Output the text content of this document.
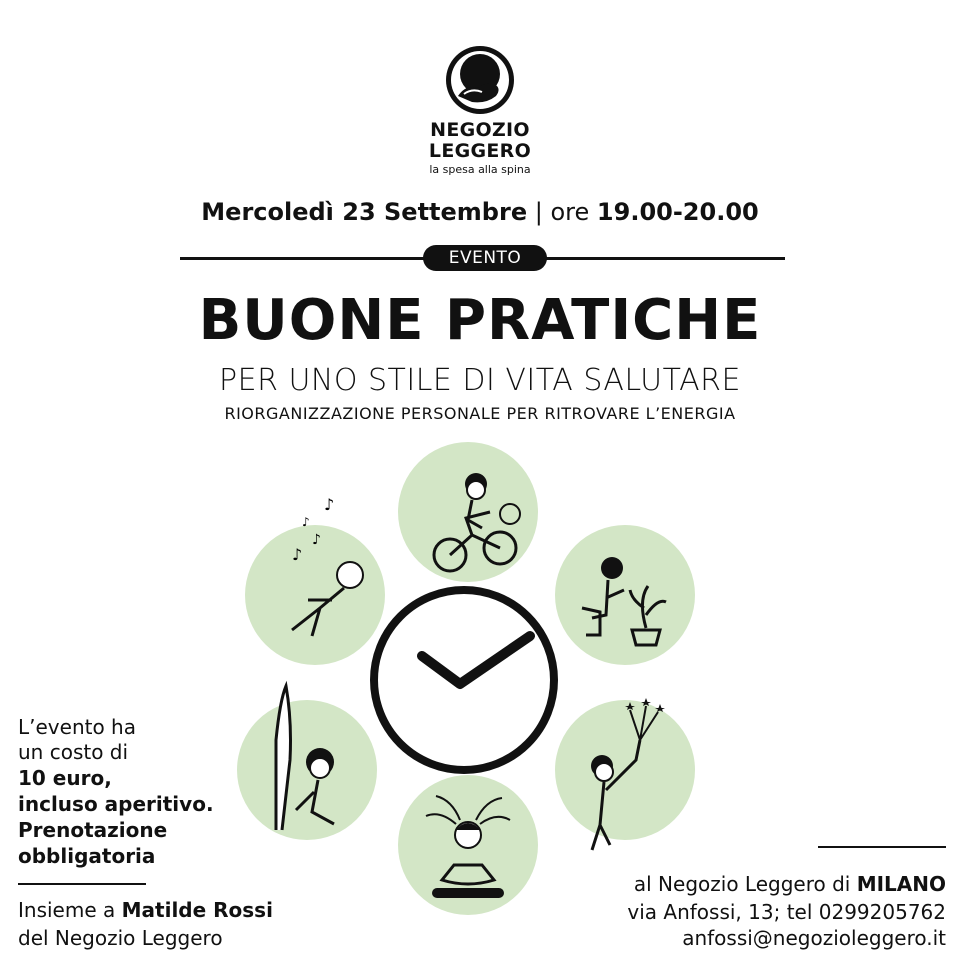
NEGOZIO
LEGGERO
la spesa alla spina
Mercoledì 23 Settembre | ore 19.00-20.00
EVENTO
BUONE PRATICHE
PER UNO STILE DI VITA SALUTARE
RIORGANIZZAZIONE PERSONALE PER RITROVARE L’ENERGIA
♪
♪
♪
♪
L’evento ha
un costo di
10 euro,
incluso aperitivo.
Prenotazione
obbligatoria
Insieme a Matilde Rossi
del Negozio Leggero
al Negozio Leggero di MILANO
via Anfossi, 13; tel 0299205762
anfossi@negozioleggero.it
